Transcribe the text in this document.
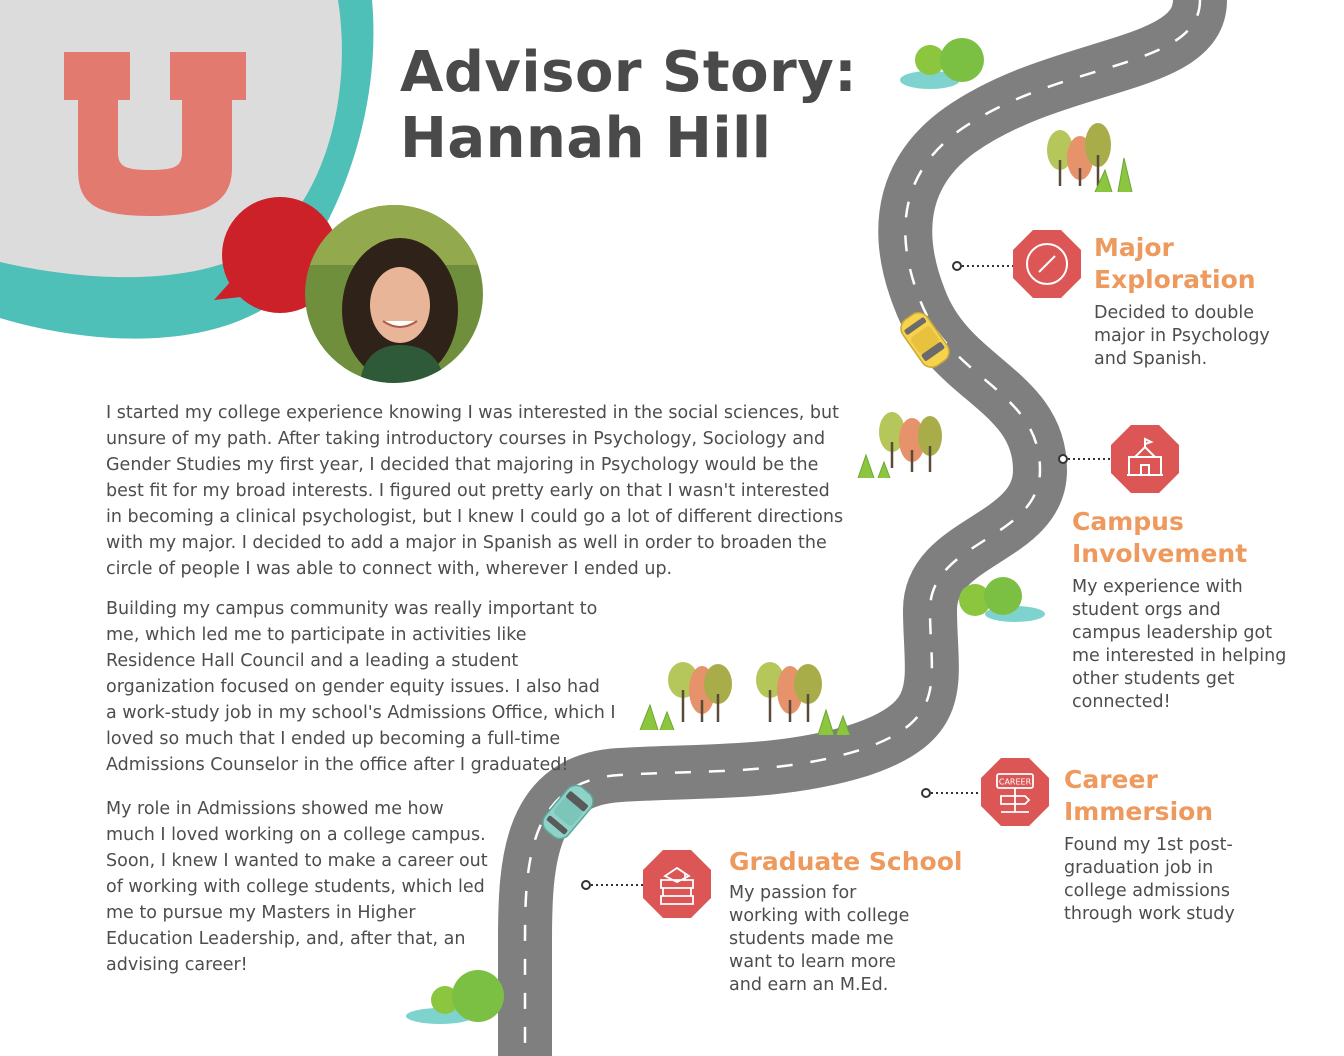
CAREER
Advisor Story:
Hannah Hill

I started my college experience knowing I was interested in the social sciences, but unsure of my path. After taking introductory courses in Psychology, Sociology and Gender Studies my first year, I decided that majoring in Psychology would be the best fit for my broad interests. I figured out pretty early on that I wasn't interested in becoming a clinical psychologist, but I knew I could go a lot of different directions with my major. I decided to add a major in Spanish as well in order to broaden the circle of people I was able to connect with, wherever I ended up.

Building my campus community was really important to me, which led me to participate in activities like Residence Hall Council and a leading a student organization focused on gender equity issues. I also had a work-study job in my school's Admissions Office, which I loved so much that I ended up becoming a full-time Admissions Counselor in the office after I graduated!

My role in Admissions showed me how much I loved working on a college campus. Soon, I knew I wanted to make a career out of working with college students, which led me to pursue my Masters in Higher Education Leadership, and, after that, an advising career!

Major
Exploration

Decided to double major in Psychology and Spanish.

Campus
Involvement

My experience with student orgs and campus leadership got me interested in helping other students get connected!

Career
Immersion

Found my 1st post-graduation job in college admissions through work study

Graduate School

My passion for working with college students made me want to learn more and earn an M.Ed.
